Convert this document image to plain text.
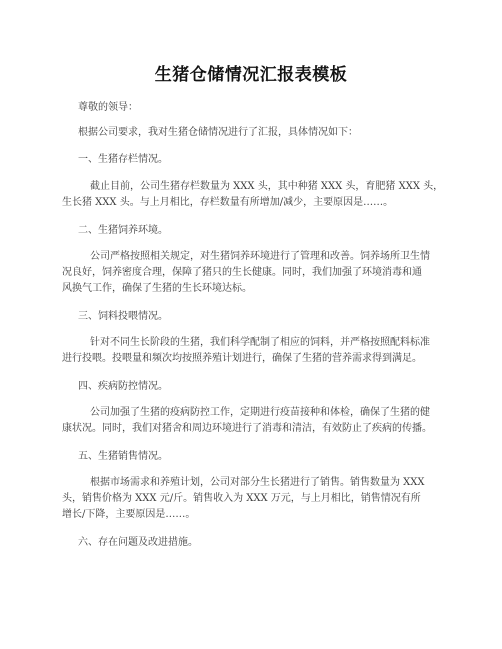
生猪仓储情况汇报表模板
尊敬的领导：
根据公司要求，我对生猪仓储情况进行了汇报，具体情况如下：
一、生猪存栏情况。
截止目前，公司生猪存栏数量为 XXX 头，其中种猪 XXX 头，育肥猪 XXX 头，
生长猪 XXX 头。与上月相比，存栏数量有所增加/减少，主要原因是……。
二、生猪饲养环境。
公司严格按照相关规定，对生猪饲养环境进行了管理和改善。饲养场所卫生情
况良好，饲养密度合理，保障了猪只的生长健康。同时，我们加强了环境消毒和通
风换气工作，确保了生猪的生长环境达标。
三、饲料投喂情况。
针对不同生长阶段的生猪，我们科学配制了相应的饲料，并严格按照配料标准
进行投喂。投喂量和频次均按照养殖计划进行，确保了生猪的营养需求得到满足。
四、疾病防控情况。
公司加强了生猪的疫病防控工作，定期进行疫苗接种和体检，确保了生猪的健
康状况。同时，我们对猪舍和周边环境进行了消毒和清洁，有效防止了疾病的传播。
五、生猪销售情况。
根据市场需求和养殖计划，公司对部分生长猪进行了销售。销售数量为 XXX
头，销售价格为 XXX 元/斤。销售收入为 XXX 万元，与上月相比，销售情况有所
增长/下降，主要原因是……。
六、存在问题及改进措施。
